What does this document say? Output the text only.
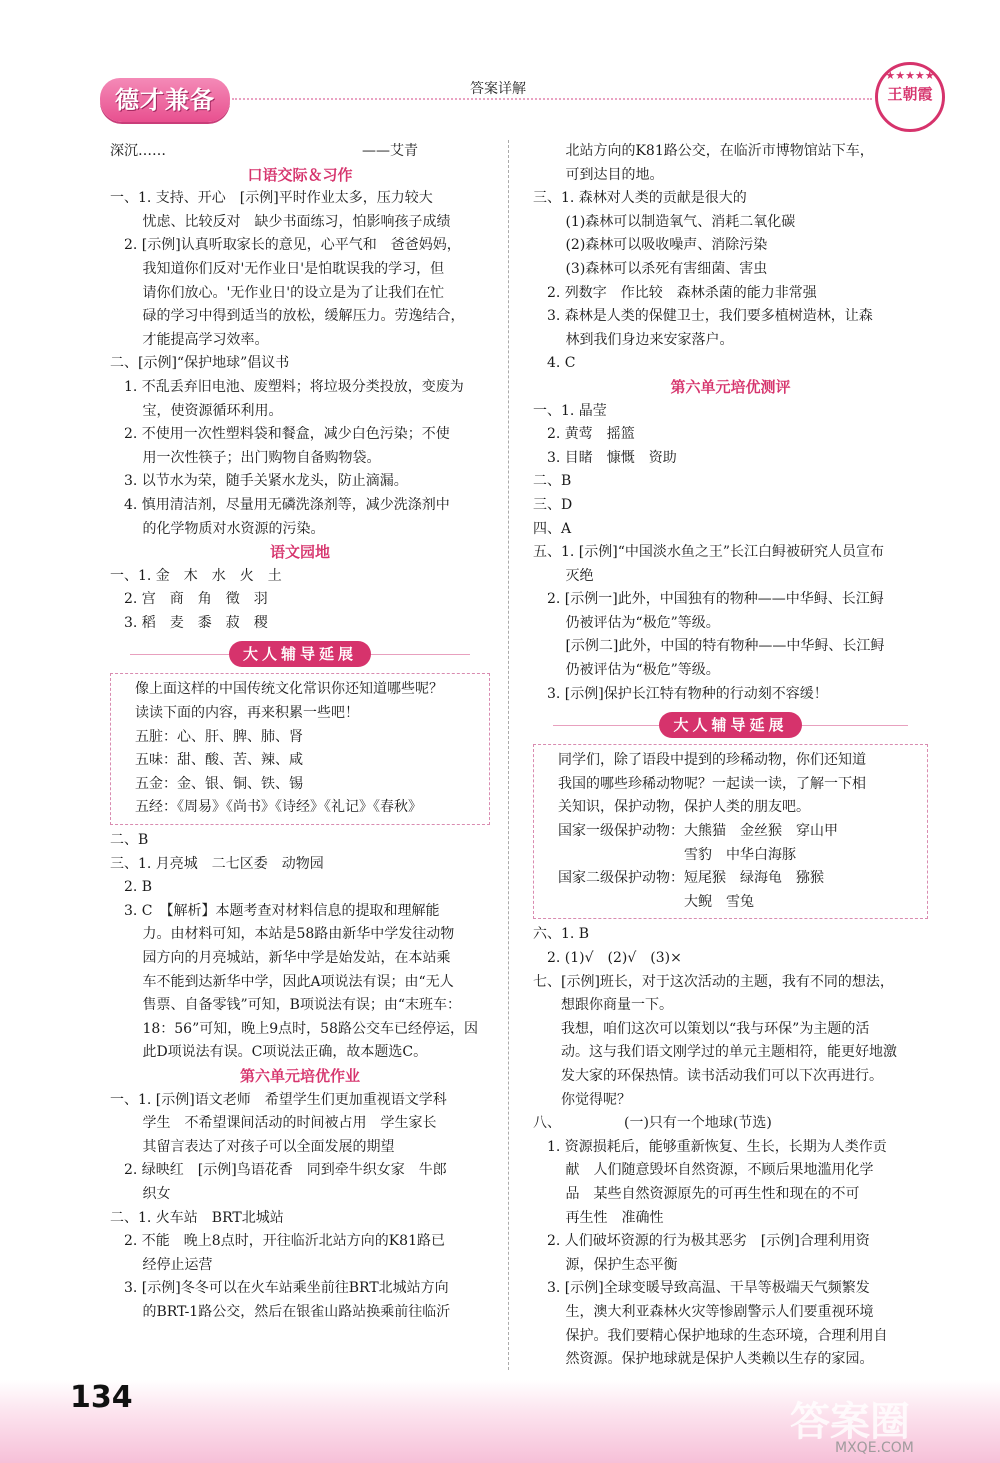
德才兼备	答案详解
★★★★★
王朝霞
深沉……　　　　　　　　　　　　　　——艾青
口语交际＆习作
一、1. 支持、开心　[示例]平时作业太多，压力较大
　　 忧虑、比较反对　缺少书面练习，怕影响孩子成绩
　2. [示例]认真听取家长的意见，心平气和　爸爸妈妈，
　　 我知道你们反对'无作业日'是怕耽误我的学习，但
　　 请你们放心。'无作业日'的设立是为了让我们在忙
　　 碌的学习中得到适当的放松，缓解压力。劳逸结合，
　　 才能提高学习效率。
二、[示例]“保护地球”倡议书
　1. 不乱丢弃旧电池、废塑料；将垃圾分类投放，变废为
　　 宝，使资源循环利用。
　2. 不使用一次性塑料袋和餐盒，减少白色污染；不使
　　 用一次性筷子；出门购物自备购物袋。
　3. 以节水为荣，随手关紧水龙头，防止滴漏。
　4. 慎用清洁剂，尽量用无磷洗涤剂等，减少洗涤剂中
　　 的化学物质对水资源的污染。
语文园地
一、1. 金　木　水　火　土
　2. 宫　商　角　徵　羽
　3. 稻　麦　黍　菽　稷
大人辅导延展
　像上面这样的中国传统文化常识你还知道哪些呢？
　读读下面的内容，再来积累一些吧！
　五脏：心、肝、脾、肺、肾
　五味：甜、酸、苦、辣、咸
　五金：金、银、铜、铁、锡
　五经：《周易》《尚书》《诗经》《礼记》《春秋》
二、B
三、1. 月亮城　二七区委　动物园
　2. B
　3. C　【解析】本题考查对材料信息的提取和理解能
　　 力。由材料可知，本站是58路由新华中学发往动物
　　 园方向的月亮城站，新华中学是始发站，在本站乘
　　 车不能到达新华中学，因此A项说法有误；由“无人
　　 售票、自备零钱”可知，B项说法有误；由“末班车：
　　 18：56”可知，晚上9点时，58路公交车已经停运，因
　　 此D项说法有误。C项说法正确，故本题选C。
第六单元培优作业
一、1. [示例]语文老师　希望学生们更加重视语文学科
　　 学生　不希望课间活动的时间被占用　学生家长
　　 其留言表达了对孩子可以全面发展的期望
　2. 绿映红　[示例]鸟语花香　同到牵牛织女家　牛郎
　　 织女
二、1. 火车站　BRT北城站
　2. 不能　晚上8点时，开往临沂北站方向的K81路已
　　 经停止运营
　3. [示例]冬冬可以在火车站乘坐前往BRT北城站方向
　　 的BRT-1路公交，然后在银雀山路站换乘前往临沂
　　 北站方向的K81路公交，在临沂市博物馆站下车，
　　 可到达目的地。
三、1. 森林对人类的贡献是很大的
　　 (1)森林可以制造氧气、消耗二氧化碳
　　 (2)森林可以吸收噪声、消除污染
　　 (3)森林可以杀死有害细菌、害虫
　2. 列数字　作比较　森林杀菌的能力非常强
　3. 森林是人类的保健卫士，我们要多植树造林，让森
　　 林到我们身边来安家落户。
　4. C
第六单元培优测评
一、1. 晶莹
　2. 黄莺　摇篮
　3. 目睹　慷慨　资助
二、B
三、D
四、A
五、1. [示例]“中国淡水鱼之王”长江白鲟被研究人员宣布
　　 灭绝
　2. [示例一]此外，中国独有的物种——中华鲟、长江鲟
　　 仍被评估为“极危”等级。
　　 [示例二]此外，中国的特有物种——中华鲟、长江鲟
　　 仍被评估为“极危”等级。
　3. [示例]保护长江特有物种的行动刻不容缓！
大人辅导延展
　同学们，除了语段中提到的珍稀动物，你们还知道
　我国的哪些珍稀动物呢？一起读一读，了解一下相
　关知识，保护动物，保护人类的朋友吧。
　国家一级保护动物：大熊猫　金丝猴　穿山甲
　　　　　　　　　　雪豹　中华白海豚
　国家二级保护动物：短尾猴　绿海龟　猕猴
　　　　　　　　　　大鲵　雪兔
六、1. B
　2. (1)√　(2)√　(3)×
七、[示例]班长，对于这次活动的主题，我有不同的想法，
　　想跟你商量一下。
　　我想，咱们这次可以策划以“我与环保”为主题的活
　　动。这与我们语文刚学过的单元主题相符，能更好地激
　　发大家的环保热情。读书活动我们可以下次再进行。
　　你觉得呢？
八、　　　　　(一)只有一个地球(节选)
　1. 资源损耗后，能够重新恢复、生长，长期为人类作贡
　　 献　人们随意毁坏自然资源，不顾后果地滥用化学
　　 品　某些自然资源原先的可再生性和现在的不可
　　 再生性　准确性
　2. 人们破坏资源的行为极其恶劣　[示例]合理利用资
　　 源，保护生态平衡
　3. [示例]全球变暖导致高温、干旱等极端天气频繁发
　　 生，澳大利亚森林火灾等惨剧警示人们要重视环境
　　 保护。我们要精心保护地球的生态环境，合理利用自
　　 然资源。保护地球就是保护人类赖以生存的家园。
134
答案圈
MXQE.COM
